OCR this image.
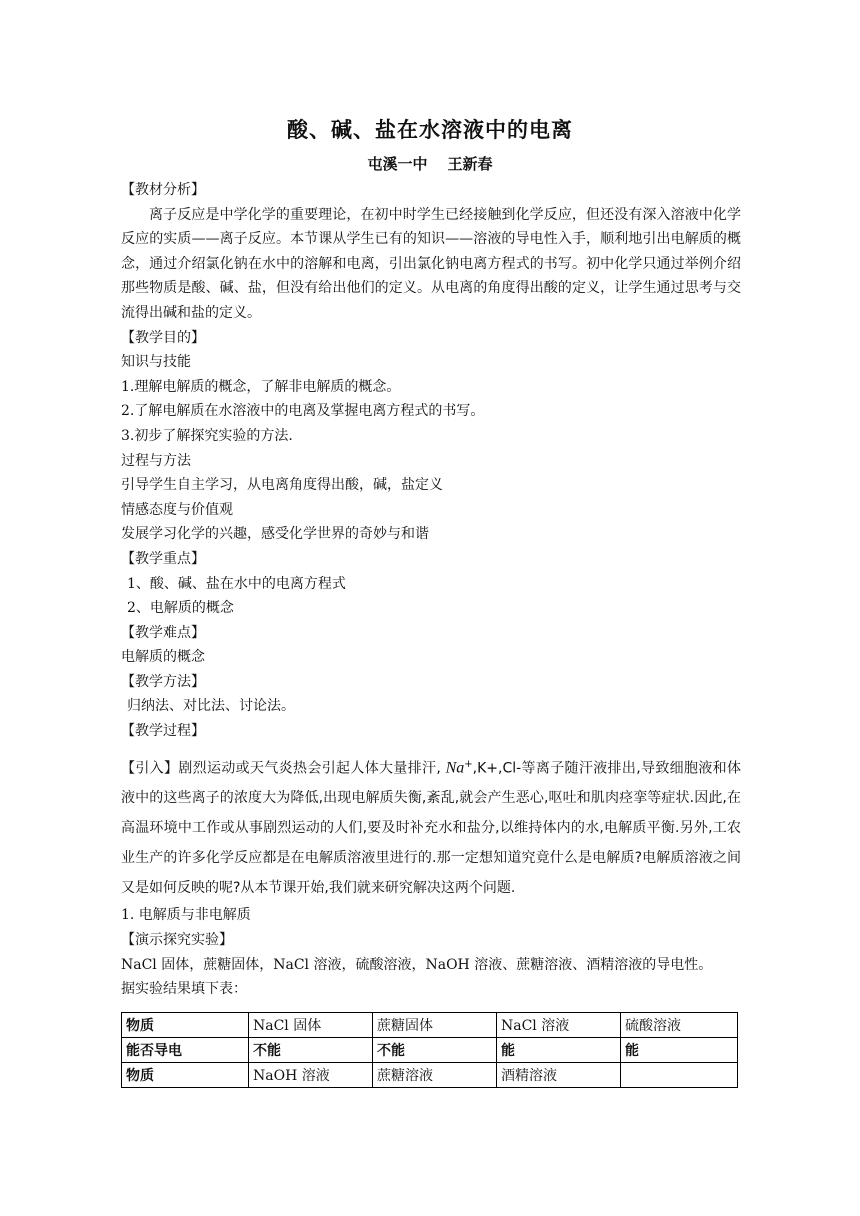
酸、碱、盐在水溶液中的电离
屯溪一中 王新春
【教材分析】
离子反应是中学化学的重要理论，在初中时学生已经接触到化学反应，但还没有深入溶液中化学反应的实质——离子反应。本节课从学生已有的知识——溶液的导电性入手，顺利地引出电解质的概念，通过介绍氯化钠在水中的溶解和电离，引出氯化钠电离方程式的书写。初中化学只通过举例介绍那些物质是酸、碱、盐，但没有给出他们的定义。从电离的角度得出酸的定义，让学生通过思考与交流得出碱和盐的定义。
【教学目的】
知识与技能
1.理解电解质的概念，了解非电解质的概念。
2.了解电解质在水溶液中的电离及掌握电离方程式的书写。
3.初步了解探究实验的方法.
过程与方法
引导学生自主学习，从电离角度得出酸，碱，盐定义
情感态度与价值观
发展学习化学的兴趣，感受化学世界的奇妙与和谐
【教学重点】
1、酸、碱、盐在水中的电离方程式
2、电解质的概念
【教学难点】
电解质的概念
【教学方法】
归纳法、对比法、讨论法。
【教学过程】
【引入】剧烈运动或天气炎热会引起人体大量排汗, Na+,K+,Cl-等离子随汗液排出,导致细胞液和体液中的这些离子的浓度大为降低,出现电解质失衡,紊乱,就会产生恶心,呕吐和肌肉痉挛等症状.因此,在高温环境中工作或从事剧烈运动的人们,要及时补充水和盐分,以维持体内的水,电解质平衡.另外,工农业生产的许多化学反应都是在电解质溶液里进行的.那一定想知道究竟什么是电解质?电解质溶液之间又是如何反映的呢?从本节课开始,我们就来研究解决这两个问题.
1. 电解质与非电解质
【演示探究实验】
NaCl 固体，蔗糖固体，NaCl 溶液，硫酸溶液，NaOH 溶液、蔗糖溶液、酒精溶液的导电性。
据实验结果填下表：
物质	NaCl 固体	蔗糖固体	NaCl 溶液	硫酸溶液
能否导电	不能	不能	能	能
物质	NaOH 溶液	蔗糖溶液	酒精溶液	
